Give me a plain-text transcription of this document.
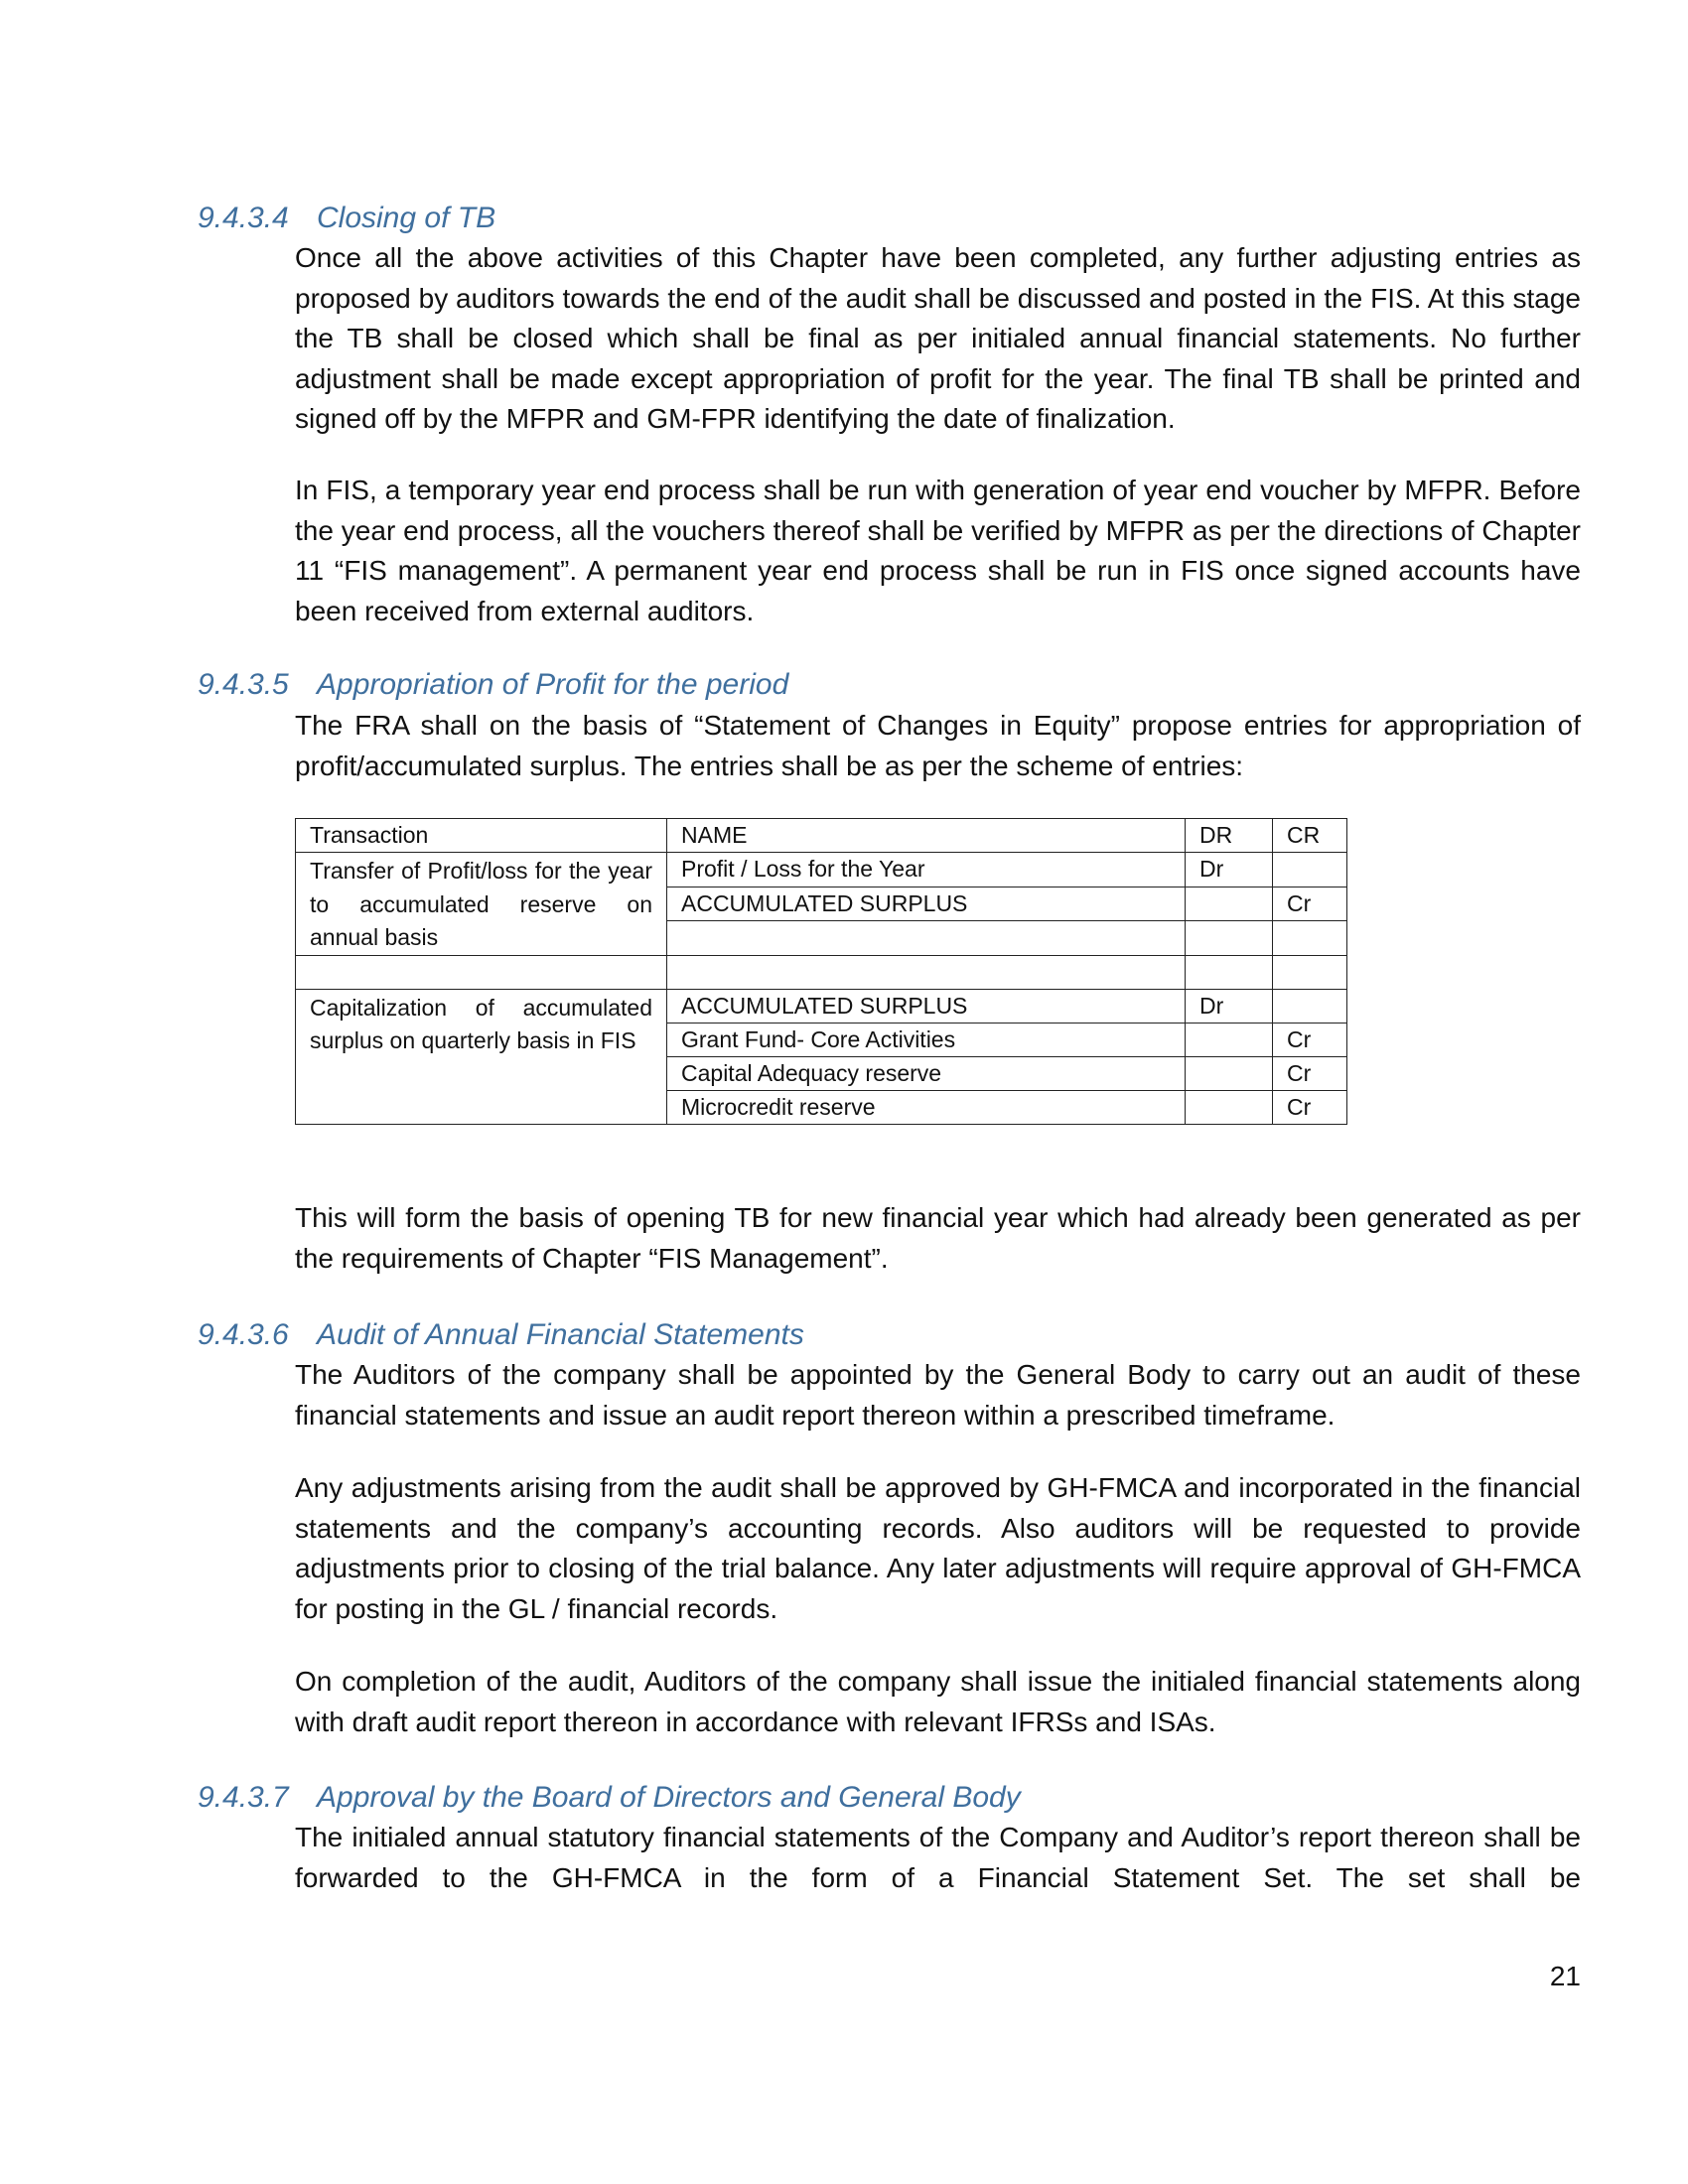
9.4.3.4 Closing of TB

Once all the above activities of this Chapter have been completed, any further adjusting entries as proposed by auditors towards the end of the audit shall be discussed and posted in the FIS. At this stage the TB shall be closed which shall be final as per initialed annual financial statements. No further adjustment shall be made except appropriation of profit for the year. The final TB shall be printed and signed off by the MFPR and GM-FPR identifying the date of finalization.

In FIS, a temporary year end process shall be run with generation of year end voucher by MFPR. Before the year end process, all the vouchers thereof shall be verified by MFPR as per the directions of Chapter 11 “FIS management”. A permanent year end process shall be run in FIS once signed accounts have been received from external auditors.

9.4.3.5 Appropriation of Profit for the period

The FRA shall on the basis of “Statement of Changes in Equity” propose entries for appropriation of profit/accumulated surplus. The entries shall be as per the scheme of entries:

Transaction	NAME	DR	CR
Transfer of Profit/loss for the year to accumulated reserve on annual basis	Profit / Loss for the Year	Dr	
	ACCUMULATED SURPLUS		Cr

Capitalization of accumulated surplus on quarterly basis in FIS	ACCUMULATED SURPLUS	Dr	
	Grant Fund- Core Activities		Cr
	Capital Adequacy reserve		Cr
	Microcredit reserve		Cr

This will form the basis of opening TB for new financial year which had already been generated as per the requirements of Chapter “FIS Management”.

9.4.3.6 Audit of Annual Financial Statements

The Auditors of the company shall be appointed by the General Body to carry out an audit of these financial statements and issue an audit report thereon within a prescribed timeframe.

Any adjustments arising from the audit shall be approved by GH-FMCA and incorporated in the financial statements and the company’s accounting records. Also auditors will be requested to provide adjustments prior to closing of the trial balance. Any later adjustments will require approval of GH-FMCA for posting in the GL / financial records.

On completion of the audit, Auditors of the company shall issue the initialed financial statements along with draft audit report thereon in accordance with relevant IFRSs and ISAs.

9.4.3.7 Approval by the Board of Directors and General Body

The initialed annual statutory financial statements of the Company and Auditor’s report thereon shall be forwarded to the GH-FMCA in the form of a Financial Statement Set. The set shall be

21
